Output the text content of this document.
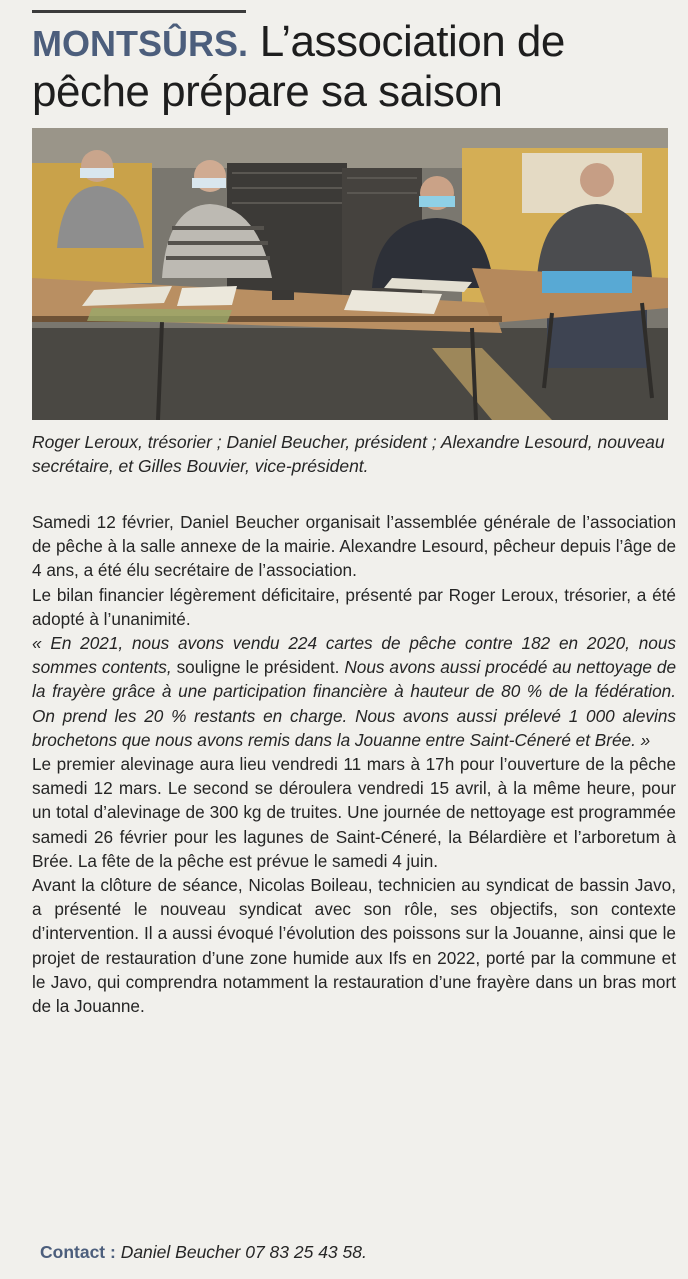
MONTSÛRS. L’association de pêche prépare sa saison

Roger Leroux, trésorier ; Daniel Beucher, président ; Alexandre Lesourd, nouveau secrétaire, et Gilles Bouvier, vice-président.

Samedi 12 février, Daniel Beucher organisait l’assemblée générale de l’association de pêche à la salle annexe de la mairie. Alexandre Lesourd, pêcheur depuis l’âge de 4 ans, a été élu secrétaire de l’association.

Le bilan financier légèrement déficitaire, présenté par Roger Leroux, trésorier, a été adopté à l’unanimité.

« En 2021, nous avons vendu 224 cartes de pêche contre 182 en 2020, nous sommes contents, souligne le président. Nous avons aussi procédé au nettoyage de la frayère grâce à une participation financière à hauteur de 80 % de la fédération. On prend les 20 % restants en charge. Nous avons aussi prélevé 1 000 alevins brochetons que nous avons remis dans la Jouanne entre Saint-Céneré et Brée. »

Le premier alevinage aura lieu vendredi 11 mars à 17h pour l’ouverture de la pêche samedi 12 mars. Le second se déroulera vendredi 15 avril, à la même heure, pour un total d’alevinage de 300 kg de truites. Une journée de nettoyage est programmée samedi 26 février pour les lagunes de Saint-Céneré, la Bélardière et l’arboretum à Brée. La fête de la pêche est prévue le samedi 4 juin.

Avant la clôture de séance, Nicolas Boileau, technicien au syndicat de bassin Javo, a présenté le nouveau syndicat avec son rôle, ses objectifs, son contexte d’intervention. Il a aussi évoqué l’évolution des poissons sur la Jouanne, ainsi que le projet de restauration d’une zone humide aux Ifs en 2022, porté par la commune et le Javo, qui comprendra notamment la restauration d’une frayère dans un bras mort de la Jouanne.

Contact : Daniel Beucher 07 83 25 43 58.
